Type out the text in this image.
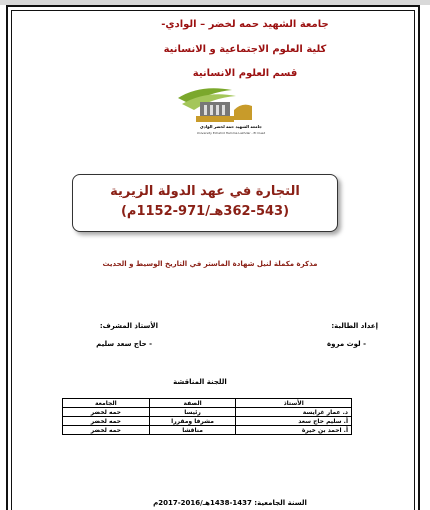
جامعة الشهيد حمه لخضر – الوادي-
كلية العلوم الاجتماعية و الانسانية
قسم العلوم الانسانية
جامعة الشهيد حمه لخضر الوادي
University Echahid Hamma Lakhdar - El Oued
التجارة في عهد الدولة الزيرية
(362-543هـ/971-1152م)
مذكرة مكملة لنيل شهادة الماستر في التاريخ الوسيط و الحديث
إعداد الطالبة:
- لوث مروة
الأستاذ المشرف:
- حاج سعد سليم
اللجنة المناقشة
الأستاذ	الصفة	الجامعة
د. عمار غرايسة	رئيسا	حمه لخضر
أ. سليم حاج سعد	مشرفا ومقررا	حمه لخضر
أ. احمد بن خيرة	مناقشا	حمه لخضر
السنة الجامعية: 1437-1438هـ/2016-2017م
